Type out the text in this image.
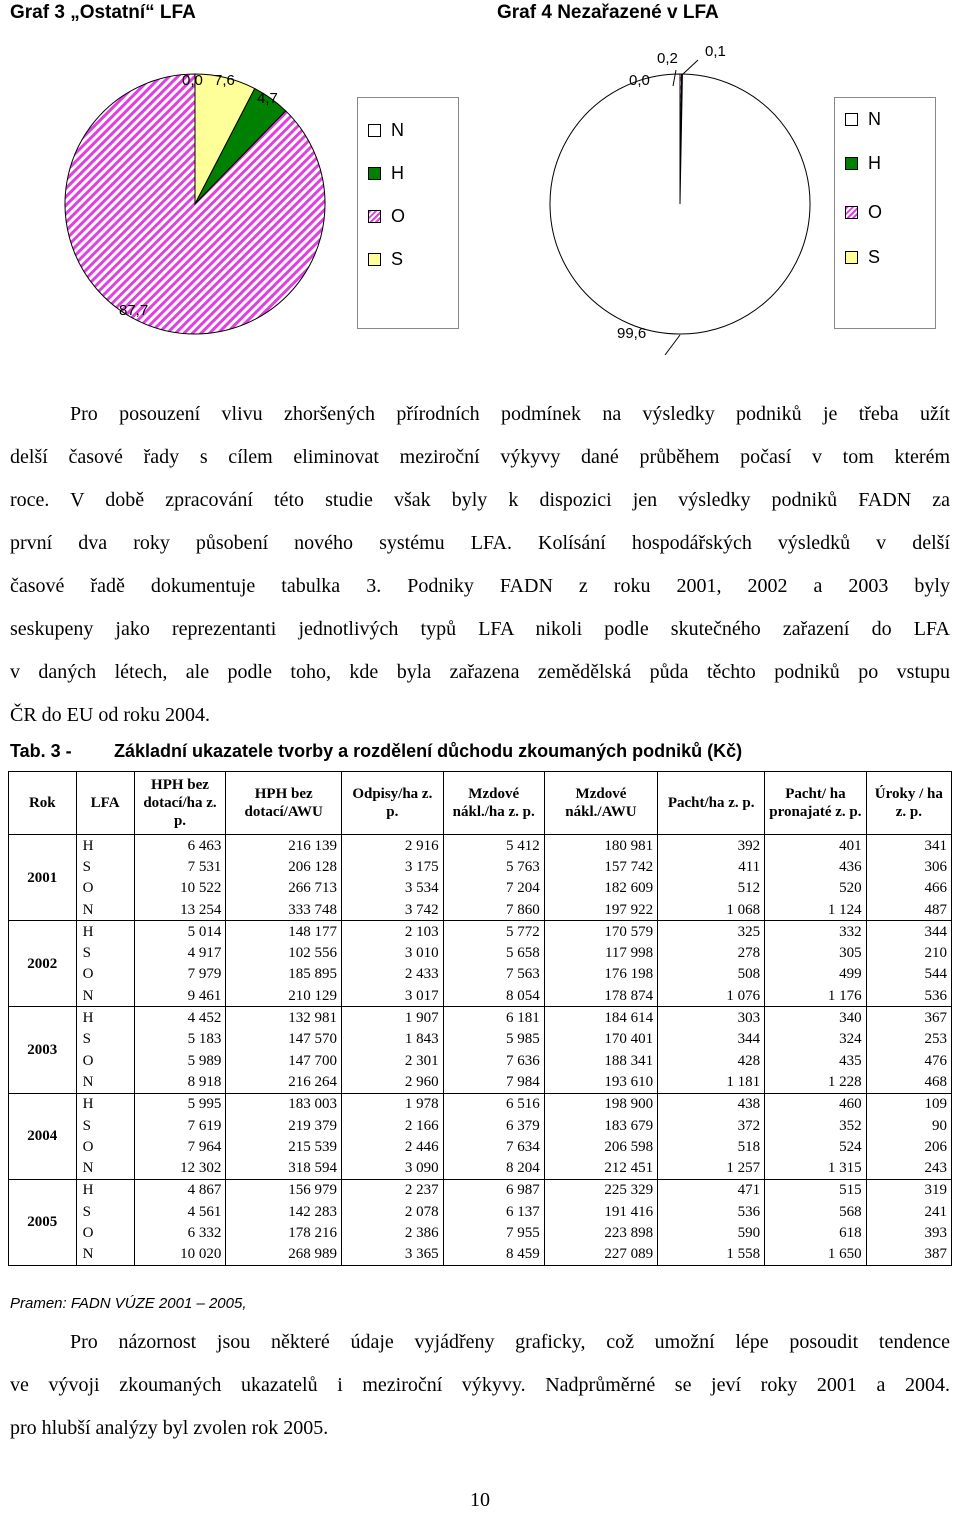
Graf 3 „Ostatní“ LFA	Graf 4 Nezařazené v LFA
0,0 7,6
4,7
87,7
0,2 0,1
0,0
99,6
N
H
O
S
N
H
O
S
Pro posouzení vlivu zhoršených přírodních podmínek na výsledky podniků je třeba užít
delší časové řady s cílem eliminovat meziroční výkyvy dané průběhem počasí v tom kterém
roce. V době zpracování této studie však byly k dispozici jen výsledky podniků FADN za
první dva roky působení nového systému LFA. Kolísání hospodářských výsledků v delší
časové řadě dokumentuje tabulka 3. Podniky FADN z roku 2001, 2002 a 2003 byly
seskupeny jako reprezentanti jednotlivých typů LFA nikoli podle skutečného zařazení do LFA
v daných létech, ale podle toho, kde byla zařazena zemědělská půda těchto podniků po vstupu
ČR do EU od roku 2004.
Tab. 3 - Základní ukazatele tvorby a rozdělení důchodu zkoumaných podniků (Kč)
Rok	LFA	HPH bez dotací/ha z. p.	HPH bez dotací/AWU	Odpisy/ha z. p.	Mzdové nákl./ha z. p.	Mzdové nákl./AWU	Pacht/ha z. p.	Pacht/ ha pronajaté z. p.	Úroky / ha z. p.
2001	H	6 463	216 139	2 916	5 412	180 981	392	401	341
	S	7 531	206 128	3 175	5 763	157 742	411	436	306
	O	10 522	266 713	3 534	7 204	182 609	512	520	466
	N	13 254	333 748	3 742	7 860	197 922	1 068	1 124	487
2002	H	5 014	148 177	2 103	5 772	170 579	325	332	344
	S	4 917	102 556	3 010	5 658	117 998	278	305	210
	O	7 979	185 895	2 433	7 563	176 198	508	499	544
	N	9 461	210 129	3 017	8 054	178 874	1 076	1 176	536
2003	H	4 452	132 981	1 907	6 181	184 614	303	340	367
	S	5 183	147 570	1 843	5 985	170 401	344	324	253
	O	5 989	147 700	2 301	7 636	188 341	428	435	476
	N	8 918	216 264	2 960	7 984	193 610	1 181	1 228	468
2004	H	5 995	183 003	1 978	6 516	198 900	438	460	109
	S	7 619	219 379	2 166	6 379	183 679	372	352	90
	O	7 964	215 539	2 446	7 634	206 598	518	524	206
	N	12 302	318 594	3 090	8 204	212 451	1 257	1 315	243
2005	H	4 867	156 979	2 237	6 987	225 329	471	515	319
	S	4 561	142 283	2 078	6 137	191 416	536	568	241
	O	6 332	178 216	2 386	7 955	223 898	590	618	393
	N	10 020	268 989	3 365	8 459	227 089	1 558	1 650	387
Pramen: FADN VÚZE 2001 – 2005,
Pro názornost jsou některé údaje vyjádřeny graficky, což umožní lépe posoudit tendence
ve vývoji zkoumaných ukazatelů i meziroční výkyvy. Nadprůměrné se jeví roky 2001 a 2004.
pro hlubší analýzy byl zvolen rok 2005.
10
